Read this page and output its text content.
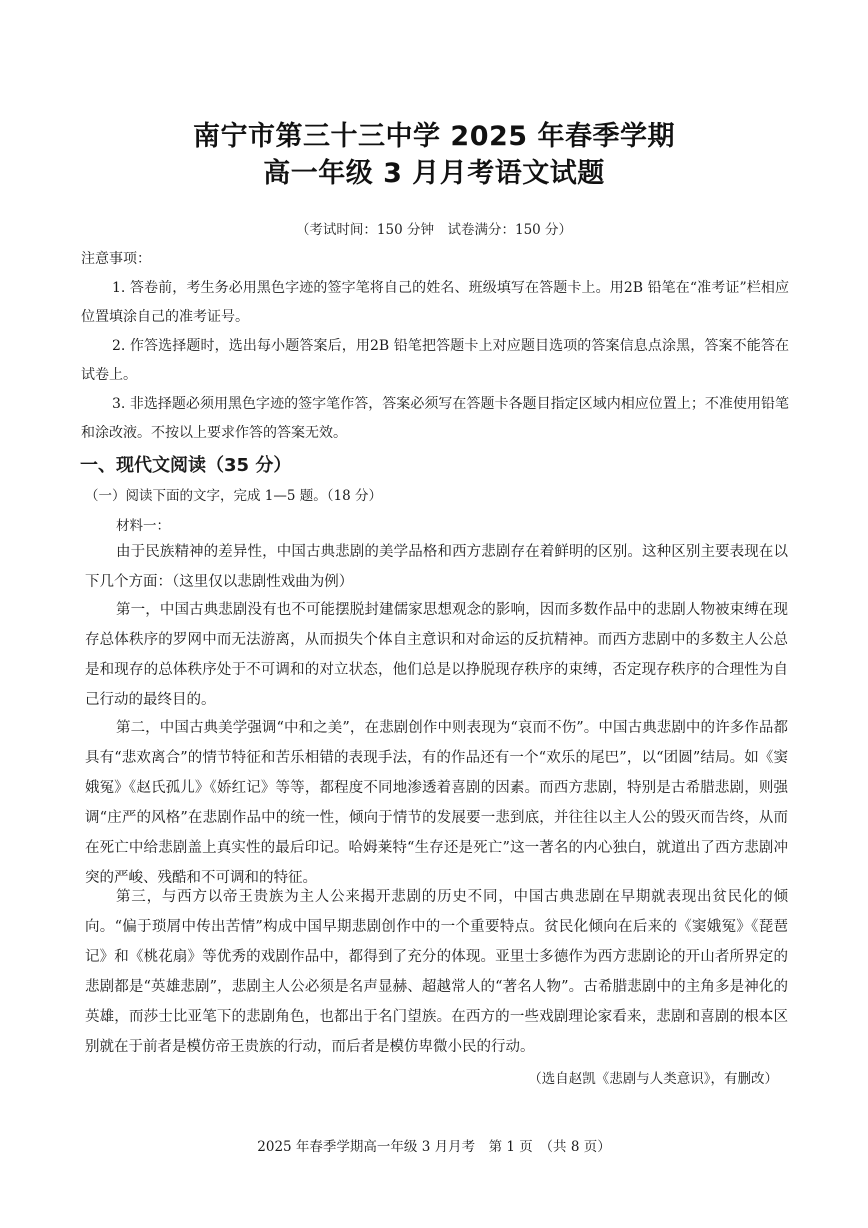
南宁市第三十三中学 2025 年春季学期
高一年级 3 月月考语文试题
（考试时间：150 分钟　试卷满分：150 分）
注意事项：
1. 答卷前，考生务必用黑色字迹的签字笔将自己的姓名、班级填写在答题卡上。用2B 铅笔在“准考证”栏相应位置填涂自己的准考证号。
2. 作答选择题时，选出每小题答案后，用2B 铅笔把答题卡上对应题目选项的答案信息点涂黑，答案不能答在试卷上。
3. 非选择题必须用黑色字迹的签字笔作答，答案必须写在答题卡各题目指定区域内相应位置上；不准使用铅笔和涂改液。不按以上要求作答的答案无效。
一、现代文阅读（35 分）
（一）阅读下面的文字，完成 1—5 题。（18 分）
材料一：
由于民族精神的差异性，中国古典悲剧的美学品格和西方悲剧存在着鲜明的区别。这种区别主要表现在以下几个方面：（这里仅以悲剧性戏曲为例）
第一，中国古典悲剧没有也不可能摆脱封建儒家思想观念的影响，因而多数作品中的悲剧人物被束缚在现存总体秩序的罗网中而无法游离，从而损失个体自主意识和对命运的反抗精神。而西方悲剧中的多数主人公总是和现存的总体秩序处于不可调和的对立状态，他们总是以挣脱现存秩序的束缚，否定现存秩序的合理性为自己行动的最终目的。
第二，中国古典美学强调“中和之美”，在悲剧创作中则表现为“哀而不伤”。中国古典悲剧中的许多作品都具有“悲欢离合”的情节特征和苦乐相错的表现手法，有的作品还有一个“欢乐的尾巴”，以“团圆”结局。如《窦娥冤》《赵氏孤儿》《娇红记》等等，都程度不同地渗透着喜剧的因素。而西方悲剧，特别是古希腊悲剧，则强调“庄严的风格”在悲剧作品中的统一性，倾向于情节的发展要一悲到底，并往往以主人公的毁灭而告终，从而在死亡中给悲剧盖上真实性的最后印记。哈姆莱特“生存还是死亡”这一著名的内心独白，就道出了西方悲剧冲突的严峻、残酷和不可调和的特征。
第三，与西方以帝王贵族为主人公来揭开悲剧的历史不同，中国古典悲剧在早期就表现出贫民化的倾向。“偏于琐屑中传出苦情”构成中国早期悲剧创作中的一个重要特点。贫民化倾向在后来的《窦娥冤》《琵琶记》和《桃花扇》等优秀的戏剧作品中，都得到了充分的体现。亚里士多德作为西方悲剧论的开山者所界定的悲剧都是“英雄悲剧”，悲剧主人公必须是名声显赫、超越常人的“著名人物”。古希腊悲剧中的主角多是神化的英雄，而莎士比亚笔下的悲剧角色，也都出于名门望族。在西方的一些戏剧理论家看来，悲剧和喜剧的根本区别就在于前者是模仿帝王贵族的行动，而后者是模仿卑微小民的行动。
（选自赵凯《悲剧与人类意识》，有删改）
2025 年春季学期高一年级 3 月月考　第 1 页　（共 8 页）
